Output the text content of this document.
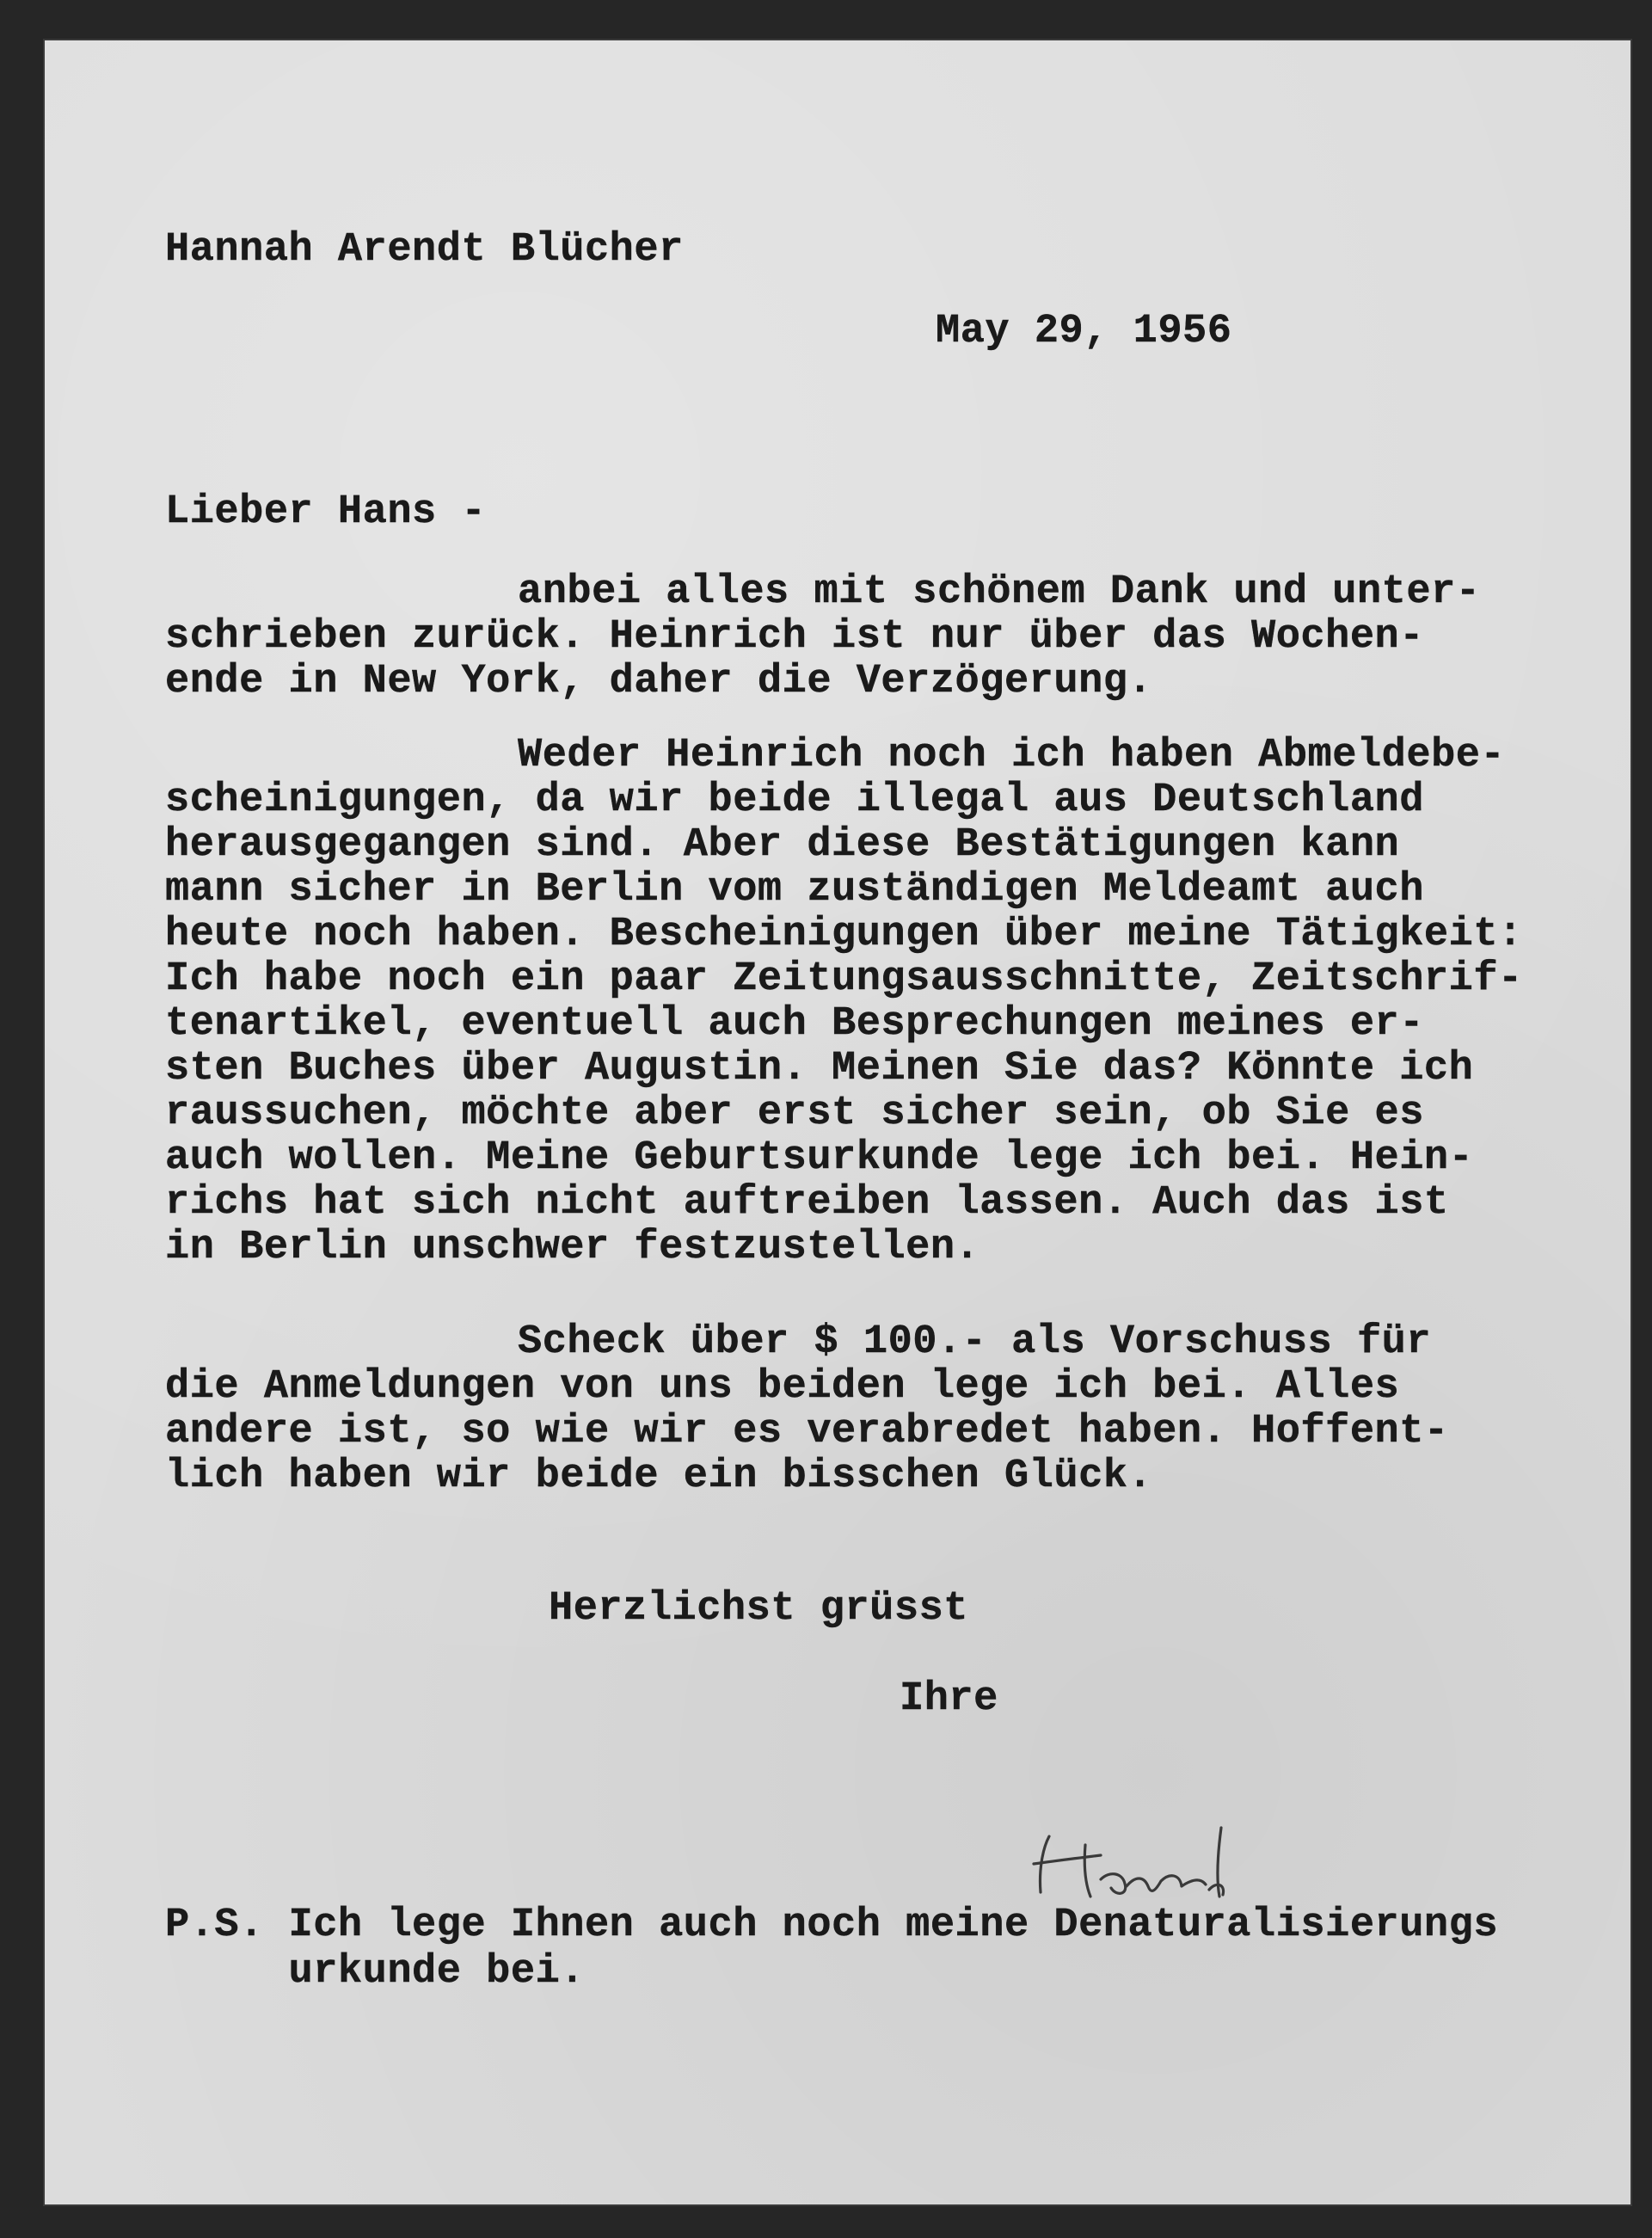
Hannah Arendt Blücher
May 29, 1956
Lieber Hans -
anbei alles mit schönem Dank und unter-
schrieben zurück. Heinrich ist nur über das Wochen-
ende in New York, daher die Verzögerung.
Weder Heinrich noch ich haben Abmeldebe-
scheinigungen, da wir beide illegal aus Deutschland
herausgegangen sind. Aber diese Bestätigungen kann
mann sicher in Berlin vom zuständigen Meldeamt auch
heute noch haben. Bescheinigungen über meine Tätigkeit:
Ich habe noch ein paar Zeitungsausschnitte, Zeitschrif-
tenartikel, eventuell auch Besprechungen meines er-
sten Buches über Augustin. Meinen Sie das? Könnte ich
raussuchen, möchte aber erst sicher sein, ob Sie es
auch wollen. Meine Geburtsurkunde lege ich bei. Hein-
richs hat sich nicht auftreiben lassen. Auch das ist
in Berlin unschwer festzustellen.
Scheck über $ 100.- als Vorschuss für
die Anmeldungen von uns beiden lege ich bei. Alles
andere ist, so wie wir es verabredet haben. Hoffent-
lich haben wir beide ein bisschen Glück.
Herzlichst grüsst
Ihre
P.S. Ich lege Ihnen auch noch meine Denaturalisierungs
urkunde bei.
